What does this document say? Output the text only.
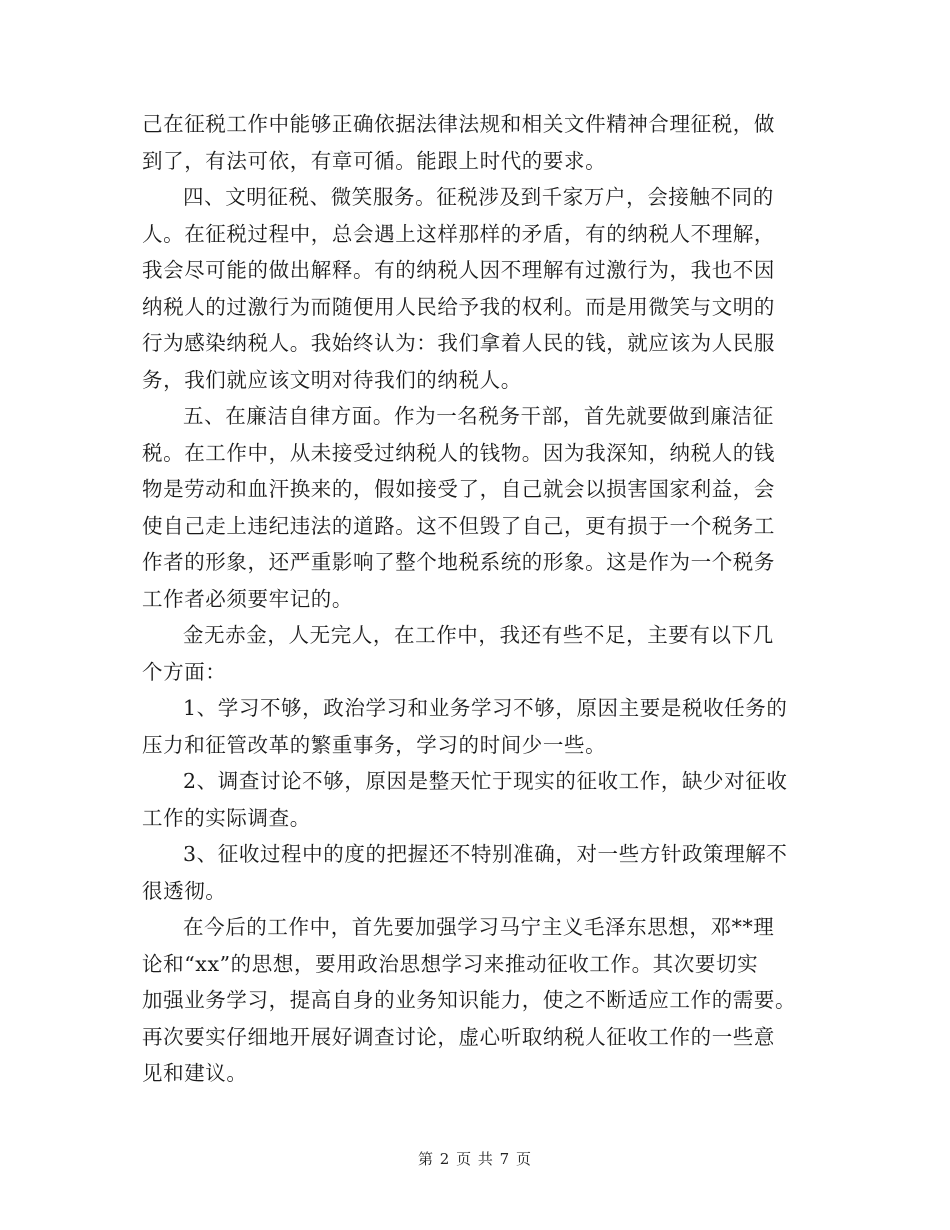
己在征税工作中能够正确依据法律法规和相关文件精神合理征税，做
到了，有法可依，有章可循。能跟上时代的要求。
四、文明征税、微笑服务。征税涉及到千家万户，会接触不同的
人。在征税过程中，总会遇上这样那样的矛盾，有的纳税人不理解，
我会尽可能的做出解释。有的纳税人因不理解有过激行为，我也不因
纳税人的过激行为而随便用人民给予我的权利。而是用微笑与文明的
行为感染纳税人。我始终认为：我们拿着人民的钱，就应该为人民服
务，我们就应该文明对待我们的纳税人。
五、在廉洁自律方面。作为一名税务干部，首先就要做到廉洁征
税。在工作中，从未接受过纳税人的钱物。因为我深知，纳税人的钱
物是劳动和血汗换来的，假如接受了，自己就会以损害国家利益，会
使自己走上违纪违法的道路。这不但毁了自己，更有损于一个税务工
作者的形象，还严重影响了整个地税系统的形象。这是作为一个税务
工作者必须要牢记的。
金无赤金，人无完人，在工作中，我还有些不足，主要有以下几
个方面：
1、学习不够，政治学习和业务学习不够，原因主要是税收任务的
压力和征管改革的繁重事务，学习的时间少一些。
2、调查讨论不够，原因是整天忙于现实的征收工作，缺少对征收
工作的实际调查。
3、征收过程中的度的把握还不特别准确，对一些方针政策理解不
很透彻。
在今后的工作中，首先要加强学习马宁主义毛泽东思想，邓**理
论和“xx”的思想，要用政治思想学习来推动征收工作。其次要切实
加强业务学习，提高自身的业务知识能力，使之不断适应工作的需要。
再次要实仔细地开展好调查讨论，虚心听取纳税人征收工作的一些意
见和建议。
第 2 页 共 7 页
